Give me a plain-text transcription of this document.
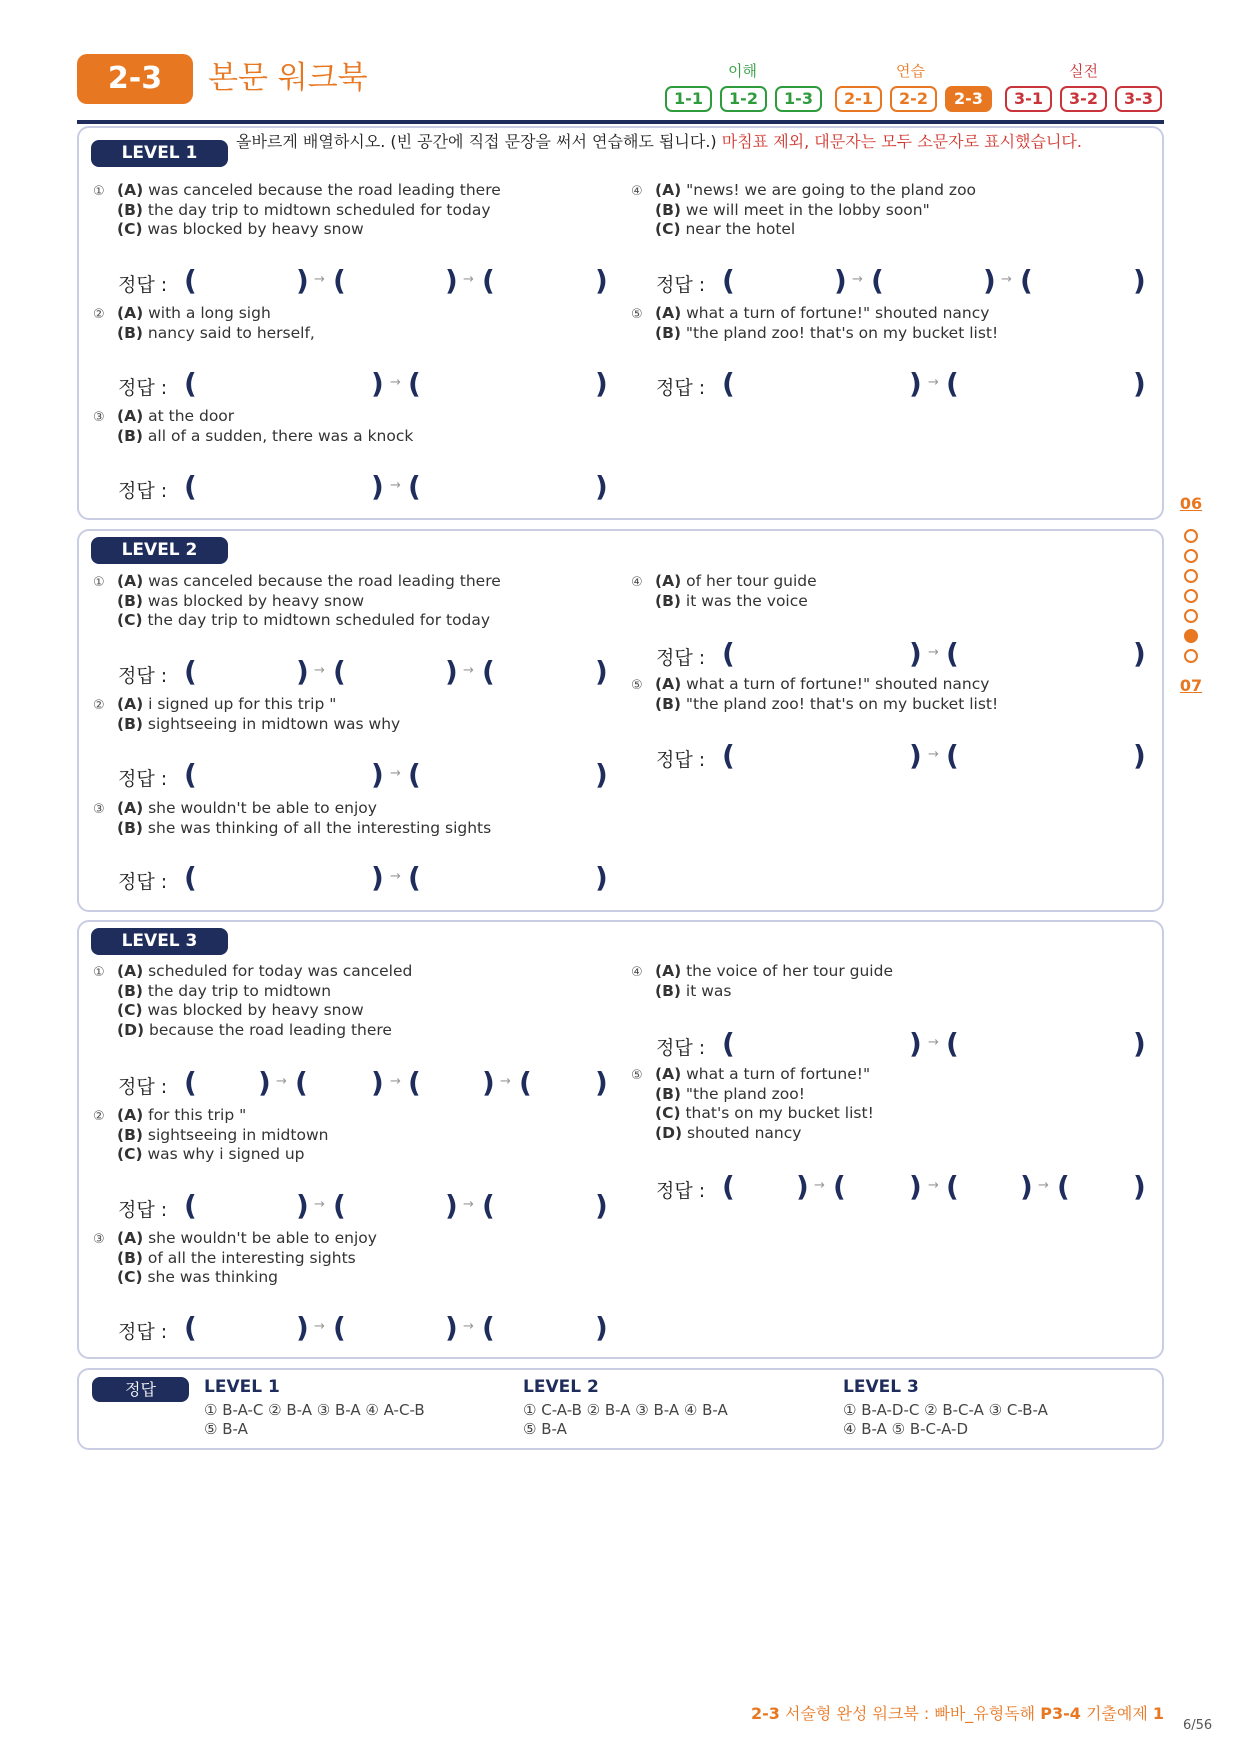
2-3	본문 워크북	이해	연습	실전
1-1	1-2	1-3	2-1	2-2	2-3	3-1	3-2	3-3
LEVEL 1
올바르게 배열하시오. (빈 공간에 직접 문장을 써서 연습해도 됩니다.) 마침표 제외, 대문자는 모두 소문자로 표시했습니다.
① (A) was canceled because the road leading there
(B) the day trip to midtown scheduled for today
(C) was blocked by heavy snow
④ (A) "news! we are going to the pland zoo
(B) we will meet in the lobby soon"
(C) near the hotel
정답 : (	) → (	) → (	)	정답 : (	) → (	) → (	)
② (A) with a long sigh
(B) nancy said to herself,
⑤ (A) what a turn of fortune!" shouted nancy
(B) "the pland zoo! that's on my bucket list!
정답 : (	) → (	)	정답 : (	) → (	)
③ (A) at the door
(B) all of a sudden, there was a knock
정답 : (	) → (	)
LEVEL 2
① (A) was canceled because the road leading there
(B) was blocked by heavy snow
(C) the day trip to midtown scheduled for today
④ (A) of her tour guide
(B) it was the voice
정답 : (	) → (	)
정답 : (	) → (	) → (	) ⑤ (A) what a turn of fortune!" shouted nancy
(B) "the pland zoo! that's on my bucket list!
② (A) i signed up for this trip "
(B) sightseeing in midtown was why
정답 : (	) → (	)
정답 : (	) → (	)
③ (A) she wouldn't be able to enjoy
(B) she was thinking of all the interesting sights
정답 : (	) → (	)
LEVEL 3
① (A) scheduled for today was canceled
(B) the day trip to midtown
(C) was blocked by heavy snow
(D) because the road leading there
④ (A) the voice of her tour guide
(B) it was
정답 : (	) → (	)
정답 : ( ) → ( ) → ( ) → ( ) ⑤ (A) what a turn of fortune!"
(B) "the pland zoo!
(C) that's on my bucket list!
(D) shouted nancy
② (A) for this trip "
(B) sightseeing in midtown
(C) was why i signed up
정답 : ( ) → ( ) → ( ) → ( )
정답 : (	) → (	) → (	)
③ (A) she wouldn't be able to enjoy
(B) of all the interesting sights
(C) she was thinking
정답 : (	) → (	) → (	)
정답	LEVEL 1
① B-A-C ② B-A ③ B-A ④ A-C-B
⑤ B-A
LEVEL 2
① C-A-B ② B-A ③ B-A ④ B-A
⑤ B-A
LEVEL 3
① B-A-D-C ② B-C-A ③ C-B-A
④ B-A ⑤ B-C-A-D
06
07
2-3 서술형 완성 워크북 : 빠바_유형독해 P3-4 기출예제 1
6/56
